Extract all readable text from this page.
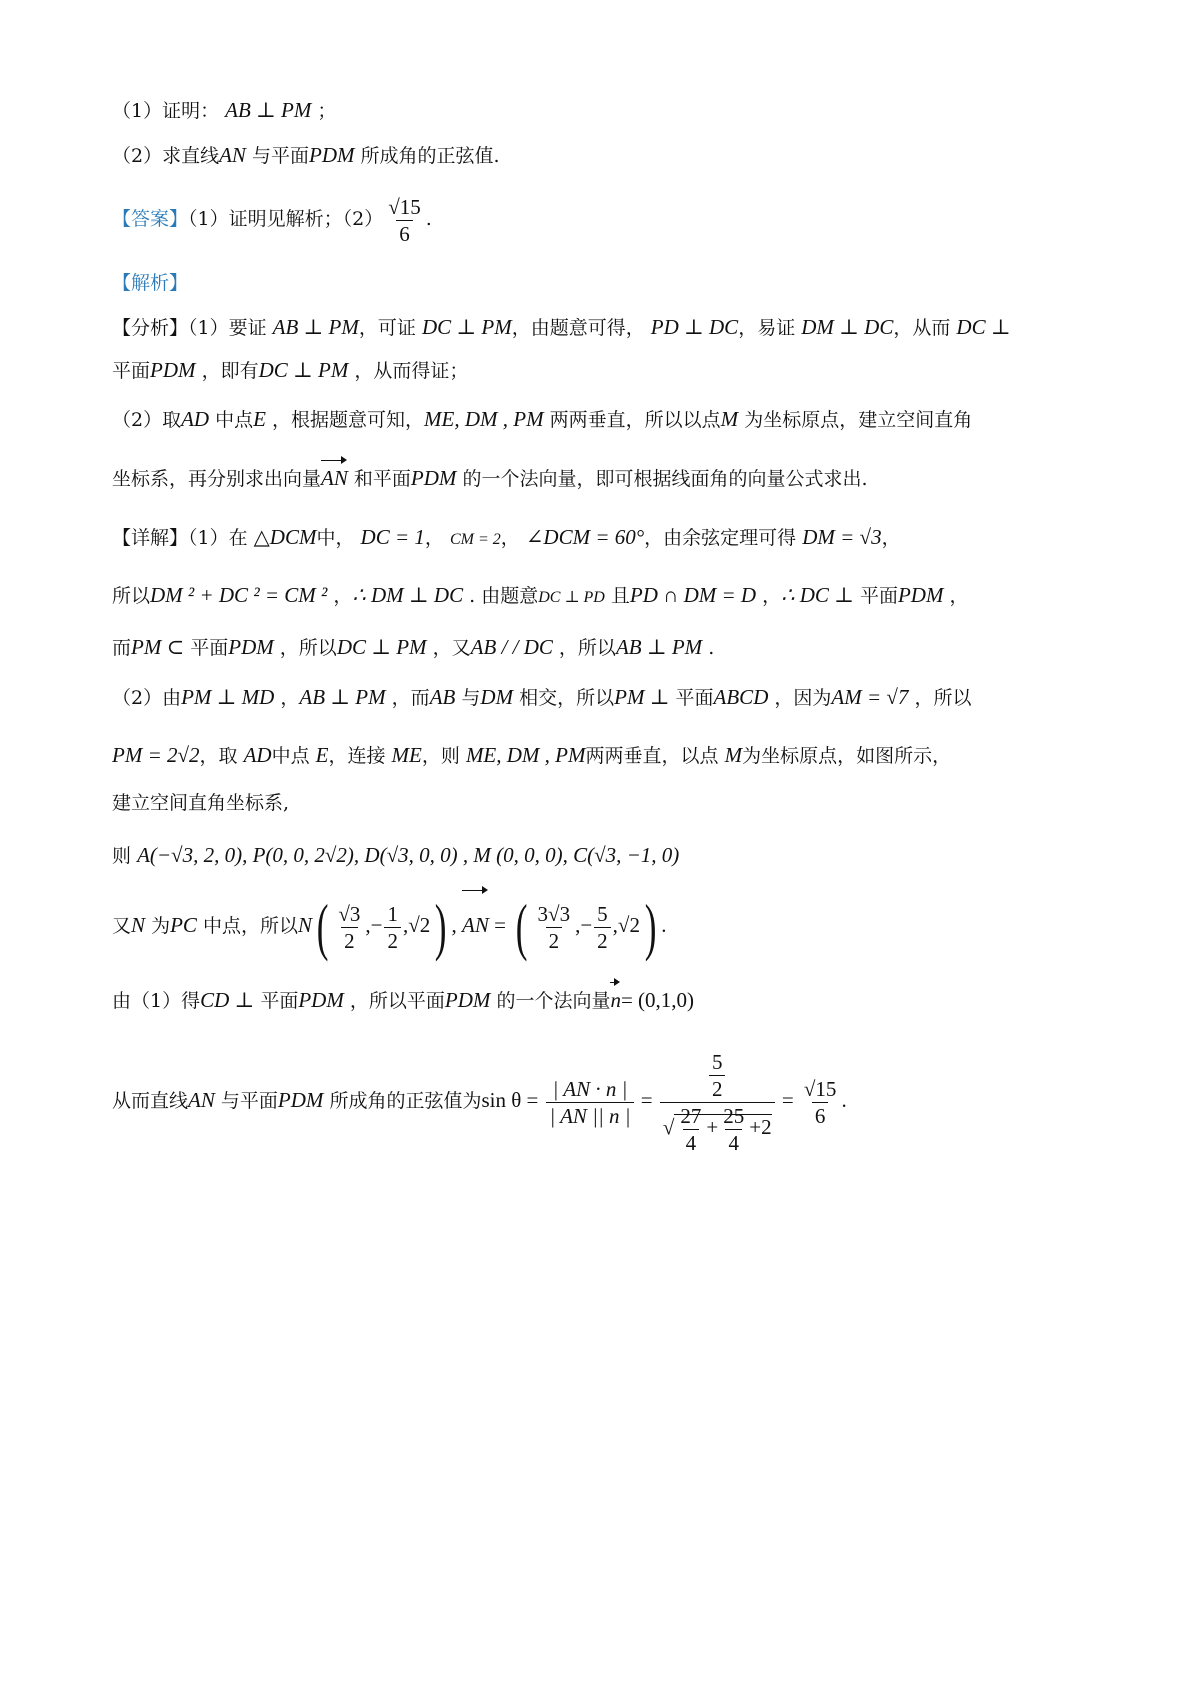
（1）证明： AB ⊥ PM ；
（2）求直线AN 与平面PDM 所成角的正弦值.
【答案】（1）证明见解析；$(2) \frac{√15}{6}$ .
【解析】
【分析】（1）要证 AB ⊥ PM，可证 DC ⊥ PM，由题意可得， PD ⊥ DC，易证 DM ⊥ DC，从而 DC ⊥
平面PDM ，即有DC ⊥ PM ，从而得证；
（2）取AD 中点E ，根据题意可知，ME, DM , PM 两两垂直，所以以点M 为坐标原点，建立空间直角
坐标系，再分别求出向量AN 和平面PDM 的一个法向量，即可根据线面角的向量公式求出.
【详解】（1）在 △DCM中， DC = 1， CM = 2， ∠DCM = 60°，由余弦定理可得 DM = √3，
所以DM ² + DC ² = CM ² ，∴ DM ⊥ DC . 由题意DC ⊥ PD 且PD ∩ DM = D ，∴ DC ⊥ 平面PDM ，
而PM ⊂ 平面PDM ，所以DC ⊥ PM ，又AB / / DC ，所以AB ⊥ PM .
（2）由PM ⊥ MD ，AB ⊥ PM ，而AB 与DM 相交，所以PM ⊥ 平面ABCD ，因为AM = √7 ，所以
PM = 2√2，取 AD中点 E，连接 ME，则 ME, DM , PM两两垂直，以点 M为坐标原点，如图所示，
建立空间直角坐标系,
则 A(−√3, 2, 0), P(0, 0, 2√2), D(√3, 0, 0) , M (0, 0, 0), C(√3, −1, 0)
又N 为PC 中点，所以$N( \frac{√3}{2}$ ,− $\frac{1}{2} ,√2$) , AN = ( $\frac{3√3}{2}$ ,− $\frac{5}{2} ,√2$) .
由（1）得CD ⊥ 平面PDM ，所以平面PDM 的一个法向量n= (0,1,0)
从而直线AN 与平面PDM 所成角的正弦值为$\sin \theta = \frac{| AN \cdot n |}{| AN || n |} = \frac{\frac{5}{2}}{√ \frac{27}{4} + \frac{25}{4} +2} = \frac{√15}{6}$ .
